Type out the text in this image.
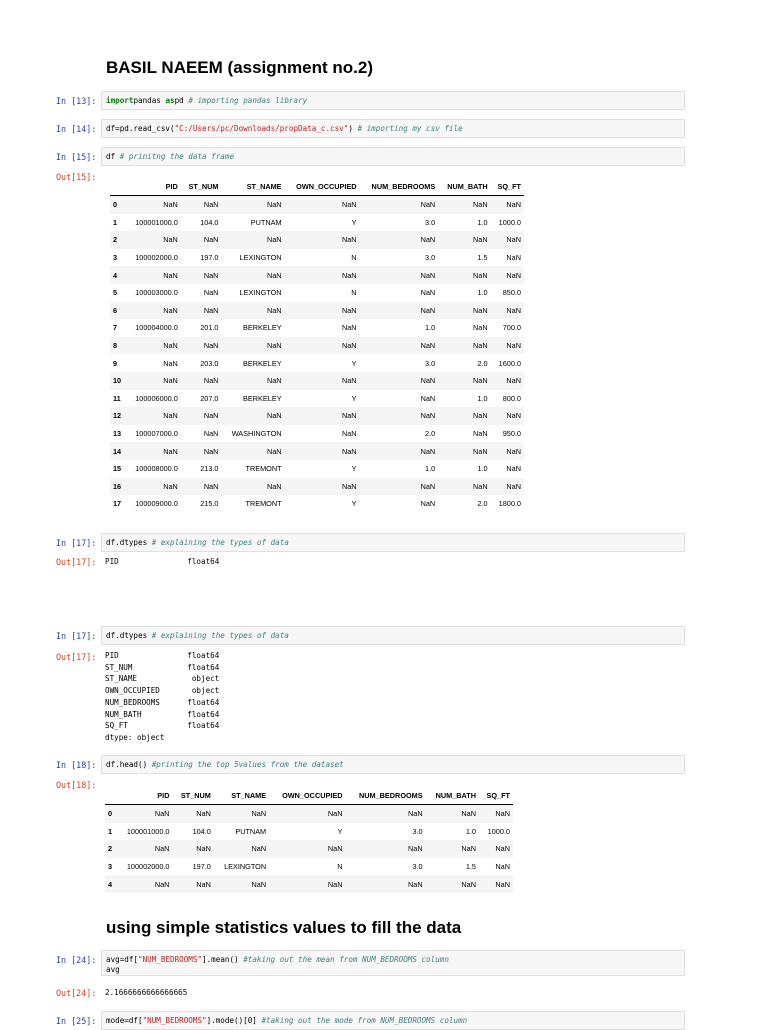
BASIL NAEEM (assignment no.2)
In [13]:	importpandas aspd # importing pandas library
In [14]:	df=pd.read_csv("C:/Users/pc/Downloads/propData_c.csv") # importing my csv file
In [15]:	df # prinitng the data frame
Out[15]:
	PID	ST_NUM	ST_NAME	OWN_OCCUPIED	NUM_BEDROOMS	NUM_BATH	SQ_FT
0	NaN	NaN	NaN	NaN	NaN	NaN	NaN
1	100001000.0	104.0	PUTNAM	Y	3.0	1.0	1000.0
2	NaN	NaN	NaN	NaN	NaN	NaN	NaN
3	100002000.0	197.0	LEXINGTON	N	3.0	1.5	NaN
4	NaN	NaN	NaN	NaN	NaN	NaN	NaN
5	100003000.0	NaN	LEXINGTON	N	NaN	1.0	850.0
6	NaN	NaN	NaN	NaN	NaN	NaN	NaN
7	100004000.0	201.0	BERKELEY	NaN	1.0	NaN	700.0
8	NaN	NaN	NaN	NaN	NaN	NaN	NaN
9	NaN	203.0	BERKELEY	Y	3.0	2.0	1600.0
10	NaN	NaN	NaN	NaN	NaN	NaN	NaN
11	100006000.0	207.0	BERKELEY	Y	NaN	1.0	800.0
12	NaN	NaN	NaN	NaN	NaN	NaN	NaN
13	100007000.0	NaN	WASHINGTON	NaN	2.0	NaN	950.0
14	NaN	NaN	NaN	NaN	NaN	NaN	NaN
15	100008000.0	213.0	TREMONT	Y	1.0	1.0	NaN
16	NaN	NaN	NaN	NaN	NaN	NaN	NaN
17	100009000.0	215.0	TREMONT	Y	NaN	2.0	1800.0
In [17]:	df.dtypes # explaining the types of data
Out[17]:	PID               float64
In [17]:	df.dtypes # explaining the types of data
Out[17]:	PID               float64
ST_NUM            float64
ST_NAME            object
OWN_OCCUPIED       object
NUM_BEDROOMS      float64
NUM_BATH          float64
SQ_FT             float64
dtype: object
In [18]:	df.head() #printing the top 5values from the dataset
Out[18]:
	PID	ST_NUM	ST_NAME	OWN_OCCUPIED	NUM_BEDROOMS	NUM_BATH	SQ_FT
0	NaN	NaN	NaN	NaN	NaN	NaN	NaN
1	100001000.0	104.0	PUTNAM	Y	3.0	1.0	1000.0
2	NaN	NaN	NaN	NaN	NaN	NaN	NaN
3	100002000.0	197.0	LEXINGTON	N	3.0	1.5	NaN
4	NaN	NaN	NaN	NaN	NaN	NaN	NaN
using simple statistics values to fill the data
In [24]:	avg=df["NUM_BEDROOMS"].mean() #taking out the mean from NUM_BEDROOMS column
avg
Out[24]:	2.1666666666666665
In [25]:	mode=df["NUM_BEDROOMS"].mode()[0] #taking out the mode from NUM_BEDROOMS column
